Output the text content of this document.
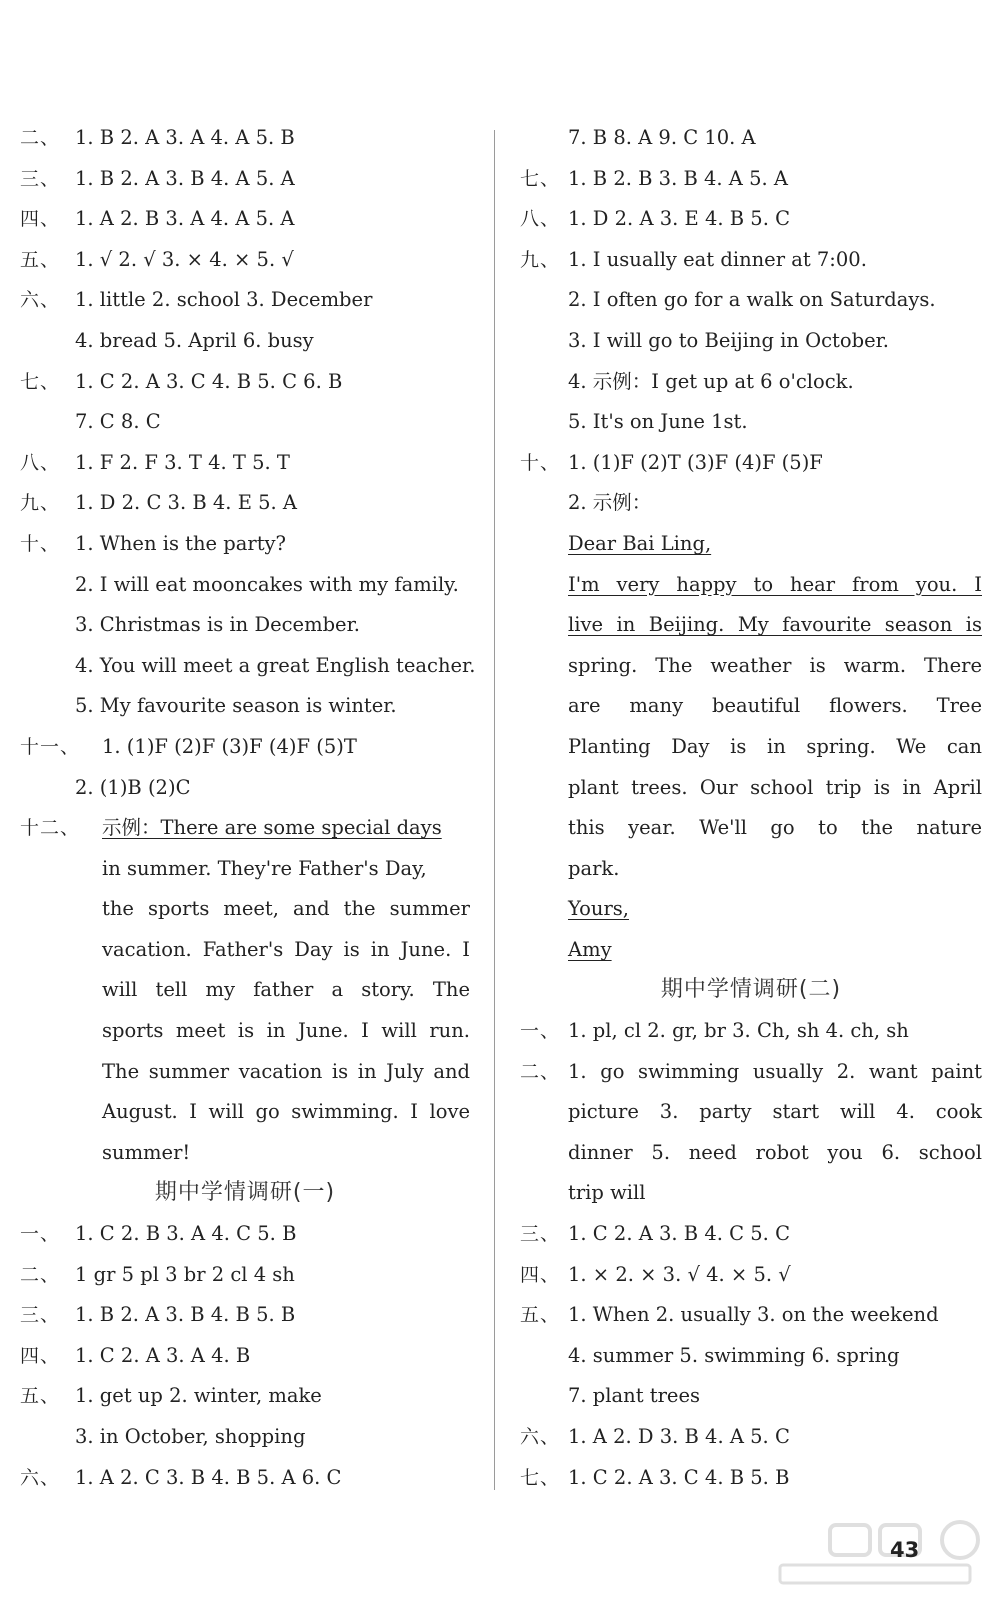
二、 1. B 2. A 3. A 4. A 5. B
三、 1. B 2. A 3. B 4. A 5. A
四、 1. A 2. B 3. A 4. A 5. A
五、 1. √ 2. √ 3. × 4. × 5. √
六、 1. little 2. school 3. December
4. bread 5. April 6. busy
七、 1. C 2. A 3. C 4. B 5. C 6. B
7. C 8. C
八、 1. F 2. F 3. T 4. T 5. T
九、 1. D 2. C 3. B 4. E 5. A
十、 1. When is the party?
2. I will eat mooncakes with my family.
3. Christmas is in December.
4. You will meet a great English teacher.
5. My favourite season is winter.
十一、 1. (1)F (2)F (3)F (4)F (5)T
2. (1)B (2)C
十二、 示例：There are some special days
in summer. They're Father's Day,
the sports meet, and the summer
vacation. Father's Day is in June. I
will tell my father a story. The
sports meet is in June. I will run.
The summer vacation is in July and
August. I will go swimming. I love
summer!
期中学情调研(一)
一、 1. C 2. B 3. A 4. C 5. B
二、 1 gr 5 pl 3 br 2 cl 4 sh
三、 1. B 2. A 3. B 4. B 5. B
四、 1. C 2. A 3. A 4. B
五、 1. get up 2. winter, make
3. in October, shopping
六、 1. A 2. C 3. B 4. B 5. A 6. C
7. B 8. A 9. C 10. A
七、 1. B 2. B 3. B 4. A 5. A
八、 1. D 2. A 3. E 4. B 5. C
九、 1. I usually eat dinner at 7:00.
2. I often go for a walk on Saturdays.
3. I will go to Beijing in October.
4. 示例：I get up at 6 o'clock.
5. It's on June 1st.
十、 1. (1)F (2)T (3)F (4)F (5)F
2. 示例：
Dear Bai Ling,
I'm very happy to hear from you. I
live in Beijing. My favourite season is
spring. The weather is warm. There
are many beautiful flowers. Tree
Planting Day is in spring. We can
plant trees. Our school trip is in April
this year. We'll go to the nature
park.
Yours,
Amy
期中学情调研(二)
一、 1. pl, cl 2. gr, br 3. Ch, sh 4. ch, sh
二、 1. go swimming usually 2. want paint
picture 3. party start will 4. cook
dinner 5. need robot you 6. school
trip will
三、 1. C 2. A 3. B 4. C 5. C
四、 1. × 2. × 3. √ 4. × 5. √
五、 1. When 2. usually 3. on the weekend
4. summer 5. swimming 6. spring
7. plant trees
六、 1. A 2. D 3. B 4. A 5. C
七、 1. C 2. A 3. C 4. B 5. B
43
